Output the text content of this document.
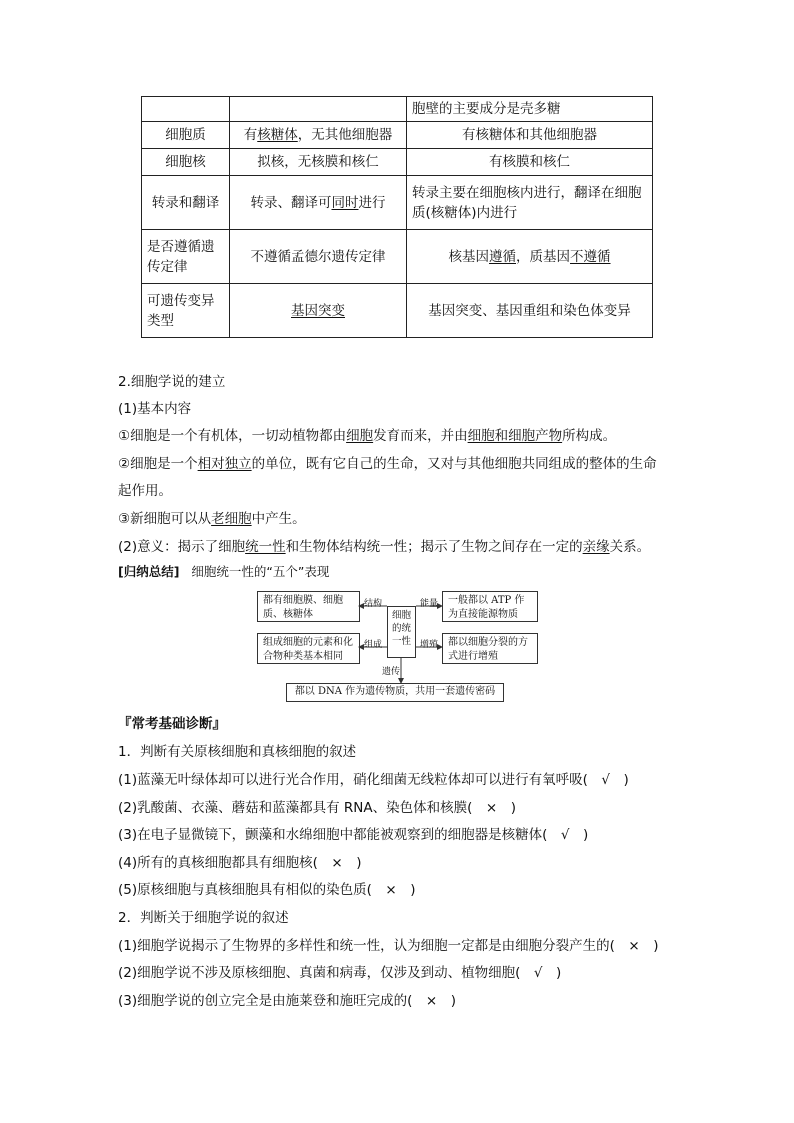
		胞壁的主要成分是壳多糖
细胞质	有核糖体，无其他细胞器	有核糖体和其他细胞器
细胞核	拟核，无核膜和核仁	有核膜和核仁
转录和翻译	转录、翻译可同时进行	转录主要在细胞核内进行，翻译在细胞质(核糖体)内进行
是否遵循遗传定律	不遵循孟德尔遗传定律	核基因遵循，质基因不遵循
可遗传变异类型	基因突变	基因突变、基因重组和染色体变异
2.细胞学说的建立
(1)基本内容
①细胞是一个有机体，一切动植物都由细胞发育而来，并由细胞和细胞产物所构成。
②细胞是一个相对独立的单位，既有它自己的生命，又对与其他细胞共同组成的整体的生命
起作用。
③新细胞可以从老细胞中产生。
(2)意义：揭示了细胞统一性和生物体结构统一性；揭示了生物之间存在一定的亲缘关系。
[归纳总结] 细胞统一性的“五个”表现
都有细胞膜、细胞质、核糖体
一般都以 ATP 作为直接能源物质
细胞的统一性
组成细胞的元素和化合物种类基本相同
都以细胞分裂的方式进行增殖
都以 DNA 作为遗传物质，共用一套遗传密码
结构	能量
组成	增殖
遗传
『常考基础诊断』
1．判断有关原核细胞和真核细胞的叙述
(1)蓝藻无叶绿体却可以进行光合作用，硝化细菌无线粒体却可以进行有氧呼吸(　√　)
(2)乳酸菌、衣藻、蘑菇和蓝藻都具有 RNA、染色体和核膜(　×　)
(3)在电子显微镜下，颤藻和水绵细胞中都能被观察到的细胞器是核糖体(　√　)
(4)所有的真核细胞都具有细胞核(　×　)
(5)原核细胞与真核细胞具有相似的染色质(　×　)
2．判断关于细胞学说的叙述
(1)细胞学说揭示了生物界的多样性和统一性，认为细胞一定都是由细胞分裂产生的(　×　)
(2)细胞学说不涉及原核细胞、真菌和病毒，仅涉及到动、植物细胞(　√　)
(3)细胞学说的创立完全是由施莱登和施旺完成的(　×　)
